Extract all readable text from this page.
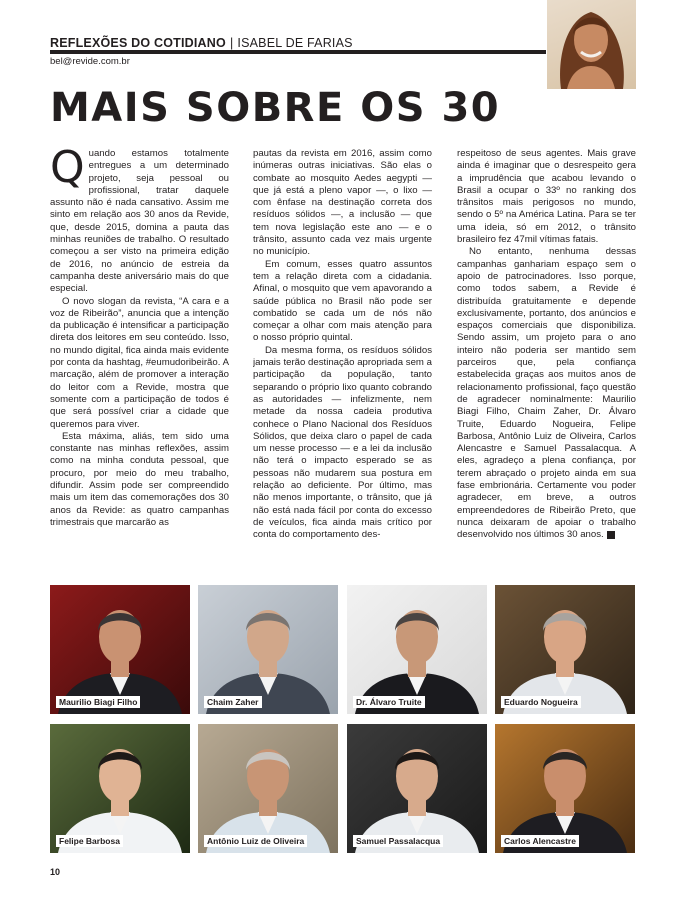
REFLEXÕES DO COTIDIANO | ISABEL DE FARIAS
bel@revide.com.br
MAIS SOBRE OS 30

Quando estamos totalmente entregues a um determinado projeto, seja pessoal ou profissional, tratar daquele assunto não é nada cansativo. Assim me sinto em relação aos 30 anos da Revide, que, desde 2015, domina a pauta das minhas reuniões de trabalho. O resultado começou a ser visto na primeira edição de 2016, no anúncio de estreia da campanha deste aniversário mais do que especial.

O novo slogan da revista, “A cara e a voz de Ribeirão”, anuncia que a intenção da publicação é intensificar a participação direta dos leitores em seu conteúdo. Isso, no mundo digital, fica ainda mais evidente por conta da hashtag, #eumudoribeirão. A marcação, além de promover a interação do leitor com a Revide, mostra que somente com a participação de todos é que será possível criar a cidade que queremos para viver.

Esta máxima, aliás, tem sido uma constante nas minhas reflexões, assim como na minha conduta pessoal, que procuro, por meio do meu trabalho, difundir. Assim pode ser compreendido mais um item das comemorações dos 30 anos da Revide: as quatro campanhas trimestrais que marcarão as

pautas da revista em 2016, assim como inúmeras outras iniciativas. São elas o combate ao mosquito Aedes aegypti — que já está a pleno vapor —, o lixo — com ênfase na destinação correta dos resíduos sólidos —, a inclusão — que tem nova legislação este ano — e o trânsito, assunto cada vez mais urgente no município.

Em comum, esses quatro assuntos tem a relação direta com a cidadania. Afinal, o mosquito que vem apavorando a saúde pública no Brasil não pode ser combatido se cada um de nós não começar a olhar com mais atenção para o nosso próprio quintal.

Da mesma forma, os resíduos sólidos jamais terão destinação apropriada sem a participação da população, tanto separando o próprio lixo quanto cobrando as autoridades — infelizmente, nem metade da nossa cadeia produtiva conhece o Plano Nacional dos Resíduos Sólidos, que deixa claro o papel de cada um nesse processo — e a lei da inclusão não terá o impacto esperado se as pessoas não mudarem sua postura em relação ao deficiente. Por último, mas não menos importante, o trânsito, que já não está nada fácil por conta do excesso de veículos, fica ainda mais crítico por conta do comportamento des-

respeitoso de seus agentes. Mais grave ainda é imaginar que o desrespeito gera a imprudência que acabou levando o Brasil a ocupar o 33º no ranking dos trânsitos mais perigosos no mundo, sendo o 5º na América Latina. Para se ter uma ideia, só em 2012, o trânsito brasileiro fez 47mil vítimas fatais.

No entanto, nenhuma dessas campanhas ganhariam espaço sem o apoio de patrocinadores. Isso porque, como todos sabem, a Revide é distribuída gratuitamente e depende exclusivamente, portanto, dos anúncios e espaços comerciais que disponibiliza. Sendo assim, um projeto para o ano inteiro não poderia ser mantido sem parceiros que, pela confiança estabelecida graças aos muitos anos de relacionamento profissional, faço questão de agradecer nominalmente: Maurilio Biagi Filho, Chaim Zaher, Dr. Álvaro Truite, Eduardo Nogueira, Felipe Barbosa, Antônio Luiz de Oliveira, Carlos Alencastre e Samuel Passalacqua. A eles, agradeço a plena confiança, por terem abraçado o projeto ainda em sua fase embrionária. Certamente vou poder agradecer, em breve, a outros empreendedores de Ribeirão Preto, que nunca deixaram de apoiar o trabalho desenvolvido nos últimos 30 anos.

Maurilio Biagi Filho	Chaim Zaher	Dr. Álvaro Truite	Eduardo Nogueira
Felipe Barbosa	Antônio Luiz de Oliveira	Samuel Passalacqua	Carlos Alencastre
10
